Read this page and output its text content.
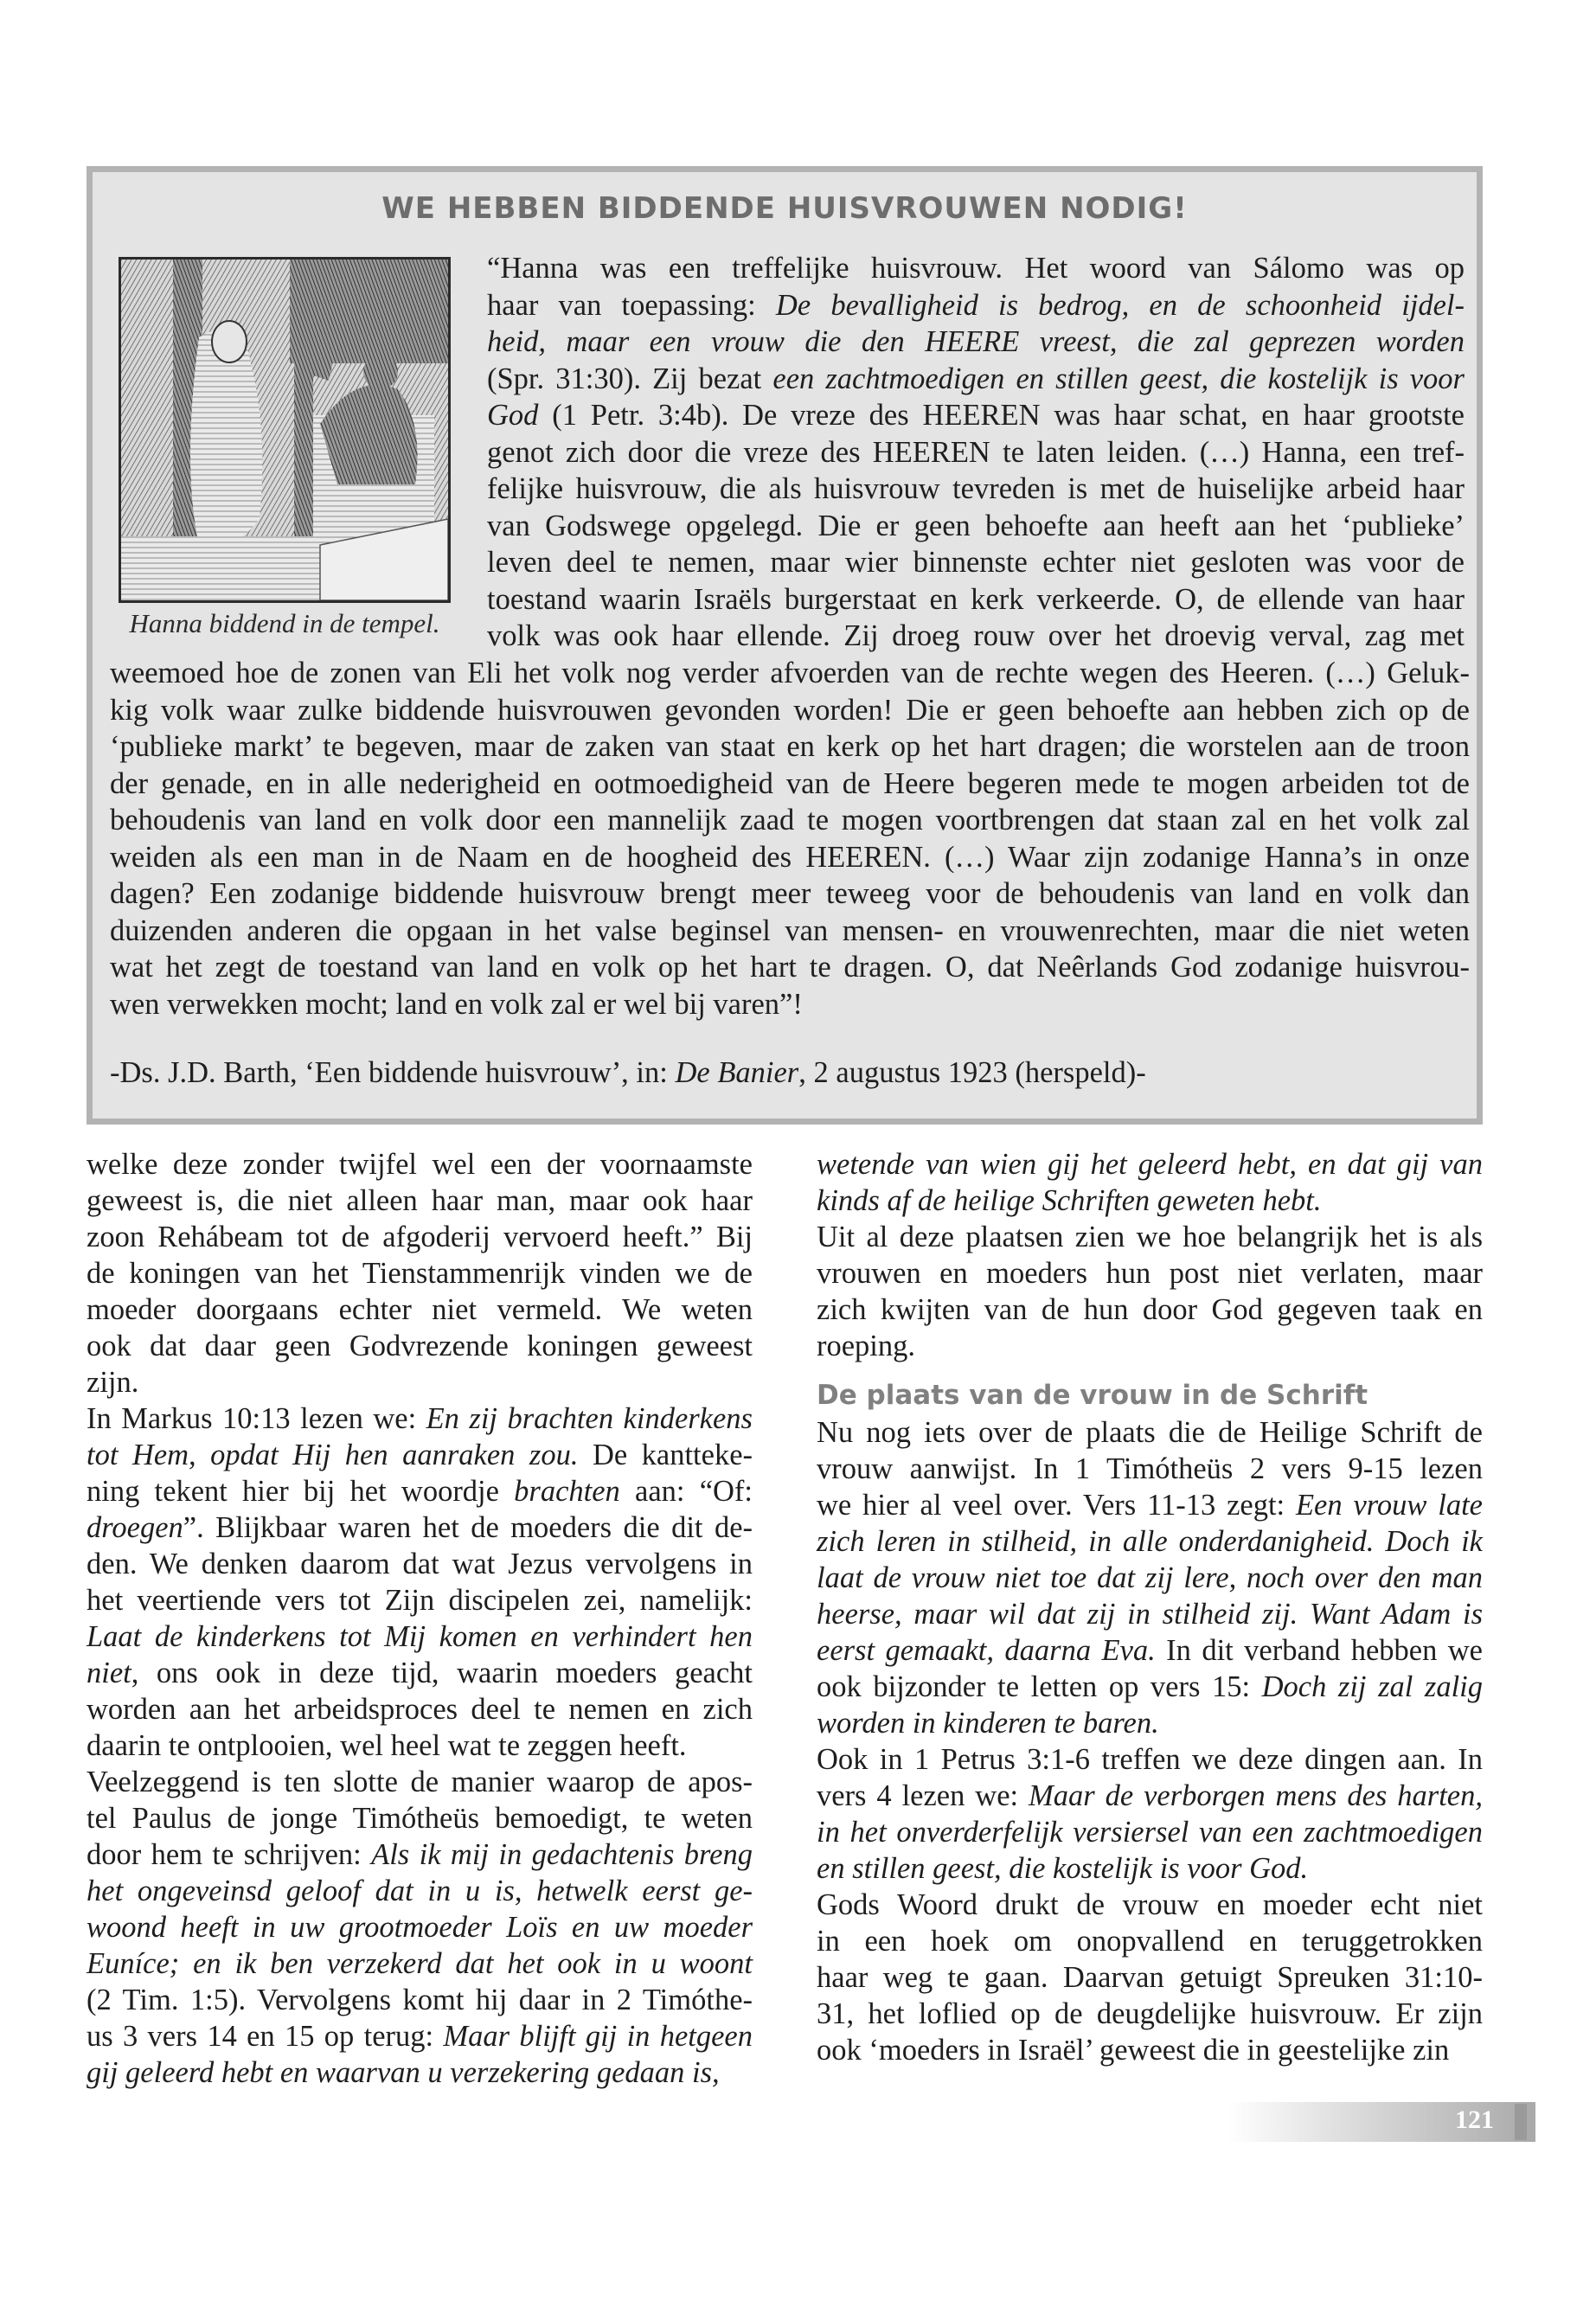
WE HEBBEN BIDDENDE HUISVROUWEN NODIG!
Hanna biddend in de tempel.
“Hanna was een treffelijke huisvrouw. Het woord van Sálomo was op
haar van toepassing: De bevalligheid is bedrog, en de schoonheid ijdel-
heid, maar een vrouw die den HEERE vreest, die zal geprezen worden
(Spr. 31:30). Zij bezat een zachtmoedigen en stillen geest, die kostelijk is voor
God (1 Petr. 3:4b). De vreze des HEEREN was haar schat, en haar grootste
genot zich door die vreze des HEEREN te laten leiden. (…) Hanna, een tref-
felijke huisvrouw, die als huisvrouw tevreden is met de huiselijke arbeid haar
van Godswege opgelegd. Die er geen behoefte aan heeft aan het ‘publieke’
leven deel te nemen, maar wier binnenste echter niet gesloten was voor de
toestand waarin Israëls burgerstaat en kerk verkeerde. O, de ellende van haar
volk was ook haar ellende. Zij droeg rouw over het droevig verval, zag met
weemoed hoe de zonen van Eli het volk nog verder afvoerden van de rechte wegen des Heeren. (…) Geluk-
kig volk waar zulke biddende huisvrouwen gevonden worden! Die er geen behoefte aan hebben zich op de
‘publieke markt’ te begeven, maar de zaken van staat en kerk op het hart dragen; die worstelen aan de troon
der genade, en in alle nederigheid en ootmoedigheid van de Heere begeren mede te mogen arbeiden tot de
behoudenis van land en volk door een mannelijk zaad te mogen voortbrengen dat staan zal en het volk zal
weiden als een man in de Naam en de hoogheid des HEEREN. (…) Waar zijn zodanige Hanna’s in onze
dagen? Een zodanige biddende huisvrouw brengt meer teweeg voor de behoudenis van land en volk dan
duizenden anderen die opgaan in het valse beginsel van mensen- en vrouwenrechten, maar die niet weten
wat het zegt de toestand van land en volk op het hart te dragen. O, dat Neêrlands God zodanige huisvrou-
wen verwekken mocht; land en volk zal er wel bij varen”!
-Ds. J.D. Barth, ‘Een biddende huisvrouw’, in: De Banier, 2 augustus 1923 (herspeld)-
welke deze zonder twijfel wel een der voornaamste
geweest is, die niet alleen haar man, maar ook haar
zoon Rehábeam tot de afgoderij vervoerd heeft.” Bij
de koningen van het Tienstammenrijk vinden we de
moeder doorgaans echter niet vermeld. We weten
ook dat daar geen Godvrezende koningen geweest
zijn.
In Markus 10:13 lezen we: En zij brachten kinderkens
tot Hem, opdat Hij hen aanraken zou. De kantteke-
ning tekent hier bij het woordje brachten aan: “Of:
droegen”. Blijkbaar waren het de moeders die dit de-
den. We denken daarom dat wat Jezus vervolgens in
het veertiende vers tot Zijn discipelen zei, namelijk:
Laat de kinderkens tot Mij komen en verhindert hen
niet, ons ook in deze tijd, waarin moeders geacht
worden aan het arbeidsproces deel te nemen en zich
daarin te ontplooien, wel heel wat te zeggen heeft.
Veelzeggend is ten slotte de manier waarop de apos-
tel Paulus de jonge Timótheüs bemoedigt, te weten
door hem te schrijven: Als ik mij in gedachtenis breng
het ongeveinsd geloof dat in u is, hetwelk eerst ge-
woond heeft in uw grootmoeder Loïs en uw moeder
Euníce; en ik ben verzekerd dat het ook in u woont
(2 Tim. 1:5). Vervolgens komt hij daar in 2 Timóthe-
us 3 vers 14 en 15 op terug: Maar blijft gij in hetgeen
gij geleerd hebt en waarvan u verzekering gedaan is,
wetende van wien gij het geleerd hebt, en dat gij van
kinds af de heilige Schriften geweten hebt.
Uit al deze plaatsen zien we hoe belangrijk het is als
vrouwen en moeders hun post niet verlaten, maar
zich kwijten van de hun door God gegeven taak en
roeping.
De plaats van de vrouw in de Schrift
Nu nog iets over de plaats die de Heilige Schrift de
vrouw aanwijst. In 1 Timótheüs 2 vers 9-15 lezen
we hier al veel over. Vers 11-13 zegt: Een vrouw late
zich leren in stilheid, in alle onderdanigheid. Doch ik
laat de vrouw niet toe dat zij lere, noch over den man
heerse, maar wil dat zij in stilheid zij. Want Adam is
eerst gemaakt, daarna Eva. In dit verband hebben we
ook bijzonder te letten op vers 15: Doch zij zal zalig
worden in kinderen te baren.
Ook in 1 Petrus 3:1-6 treffen we deze dingen aan. In
vers 4 lezen we: Maar de verborgen mens des harten,
in het onverderfelijk versiersel van een zachtmoedigen
en stillen geest, die kostelijk is voor God.
Gods Woord drukt de vrouw en moeder echt niet
in een hoek om onopvallend en teruggetrokken
haar weg te gaan. Daarvan getuigt Spreuken 31:10-
31, het loflied op de deugdelijke huisvrouw. Er zijn
ook ‘moeders in Israël’ geweest die in geestelijke zin
121
